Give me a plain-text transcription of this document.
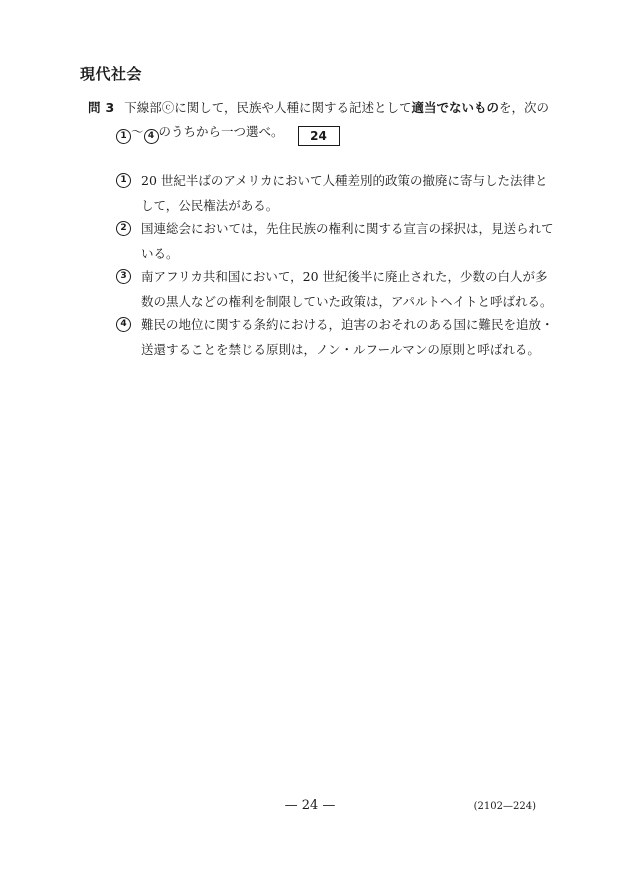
現代社会
問 3 下線部ⓒに関して，民族や人種に関する記述として適当でないものを，次の
1 ～ 4 のうちから一つ選べ。 24
1	20 世紀半ばのアメリカにおいて人種差別的政策の撤廃に寄与した法律と
して，公民権法がある。
2	国連総会においては，先住民族の権利に関する宣言の採択は，見送られて
いる。
3	南アフリカ共和国において，20 世紀後半に廃止された，少数の白人が多
数の黒人などの権利を制限していた政策は，アパルトヘイトと呼ばれる。
4	難民の地位に関する条約における，迫害のおそれのある国に難民を追放・
送還することを禁じる原則は，ノン・ルフールマンの原則と呼ばれる。
— 24 —	(2102—224)
